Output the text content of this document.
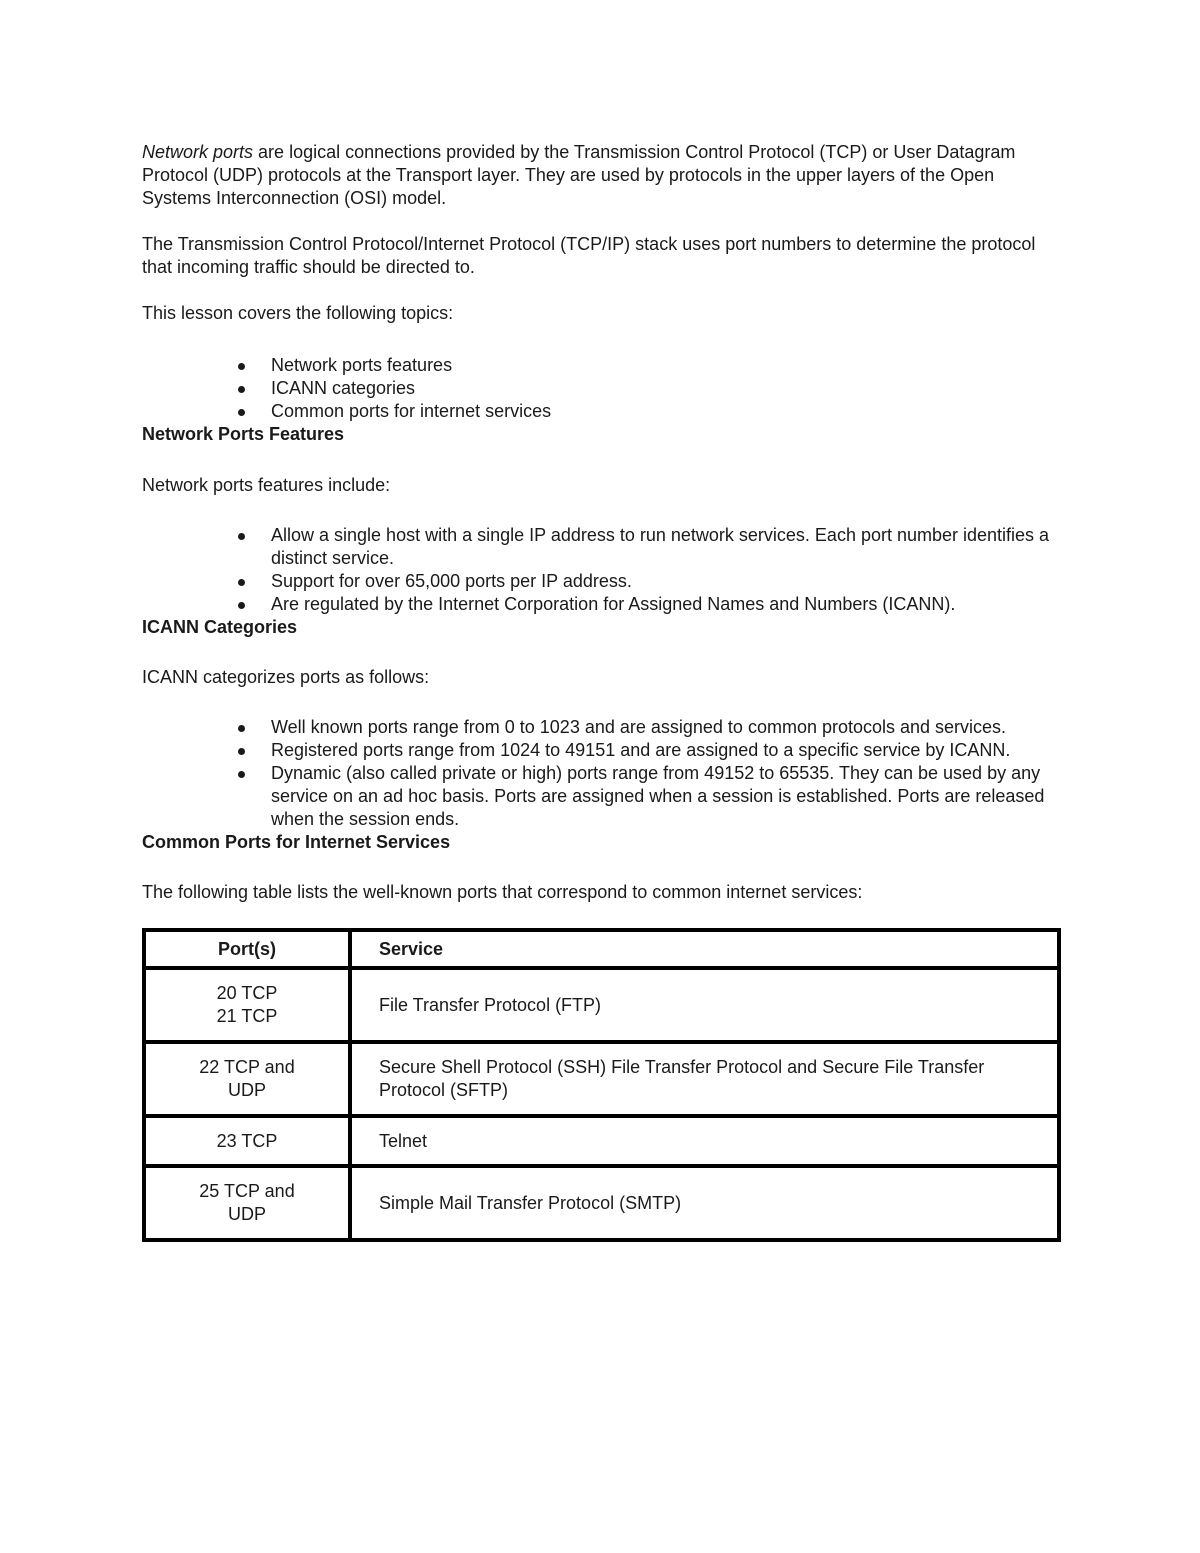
Network ports are logical connections provided by the Transmission Control Protocol (TCP) or User Datagram Protocol (UDP) protocols at the Transport layer. They are used by protocols in the upper layers of the Open Systems Interconnection (OSI) model.

The Transmission Control Protocol/Internet Protocol (TCP/IP) stack uses port numbers to determine the protocol that incoming traffic should be directed to.

This lesson covers the following topics:

Network ports features
ICANN categories
Common ports for internet services
Network Ports Features

Network ports features include:

Allow a single host with a single IP address to run network services. Each port number identifies a distinct service.
Support for over 65,000 ports per IP address.
Are regulated by the Internet Corporation for Assigned Names and Numbers (ICANN).
ICANN Categories

ICANN categorizes ports as follows:

Well known ports range from 0 to 1023 and are assigned to common protocols and services.
Registered ports range from 1024 to 49151 and are assigned to a specific service by ICANN.
Dynamic (also called private or high) ports range from 49152 to 65535. They can be used by any service on an ad hoc basis. Ports are assigned when a session is established. Ports are released when the session ends.
Common Ports for Internet Services

The following table lists the well-known ports that correspond to common internet services:

Port(s)	Service

20 TCP
21 TCP	File Transfer Protocol (FTP)

22 TCP and
UDP	Secure Shell Protocol (SSH) File Transfer Protocol and Secure File Transfer Protocol (SFTP)

23 TCP	Telnet

25 TCP and
UDP	Simple Mail Transfer Protocol (SMTP)
